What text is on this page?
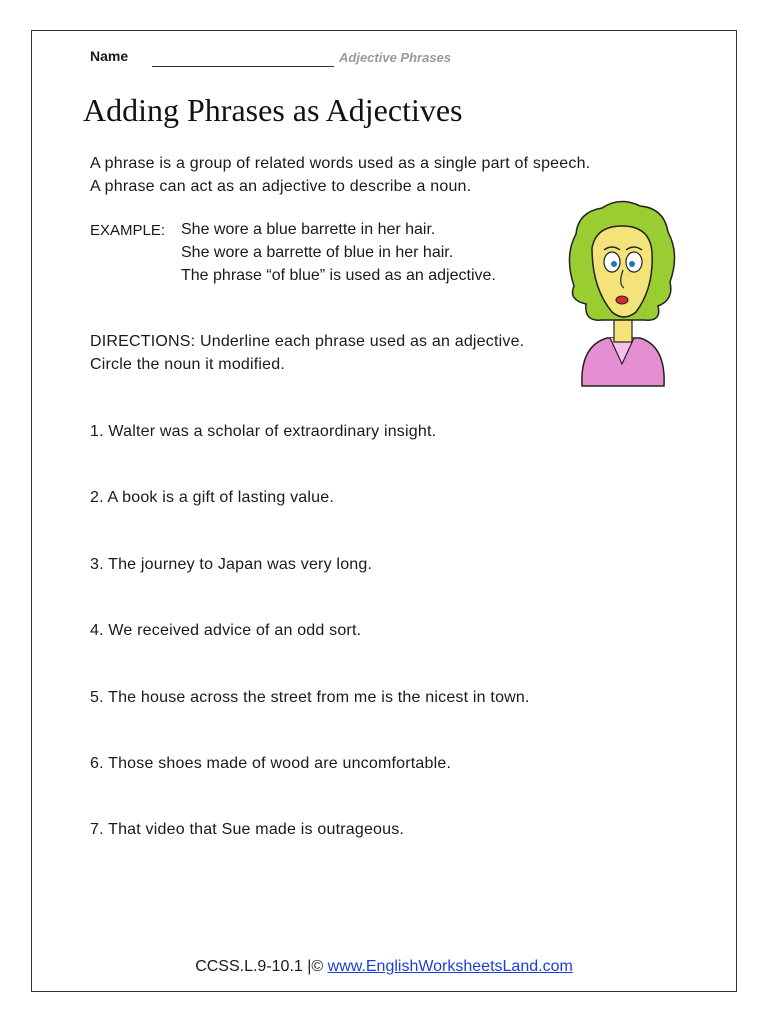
Name	Adjective Phrases
Adding Phrases as Adjectives
A phrase is a group of related words used as a single part of speech.
A phrase can act as an adjective to describe a noun.
EXAMPLE: She wore a blue barrette in her hair.
She wore a barrette of blue in her hair.
The phrase “of blue” is used as an adjective.
DIRECTIONS: Underline each phrase used as an adjective.
Circle the noun it modified.
1. Walter was a scholar of extraordinary insight.
2. A book is a gift of lasting value.
3. The journey to Japan was very long.
4. We received advice of an odd sort.
5. The house across the street from me is the nicest in town.
6. Those shoes made of wood are uncomfortable.
7. That video that Sue made is outrageous.
CCSS.L.9-10.1 |© www.EnglishWorksheetsLand.com
